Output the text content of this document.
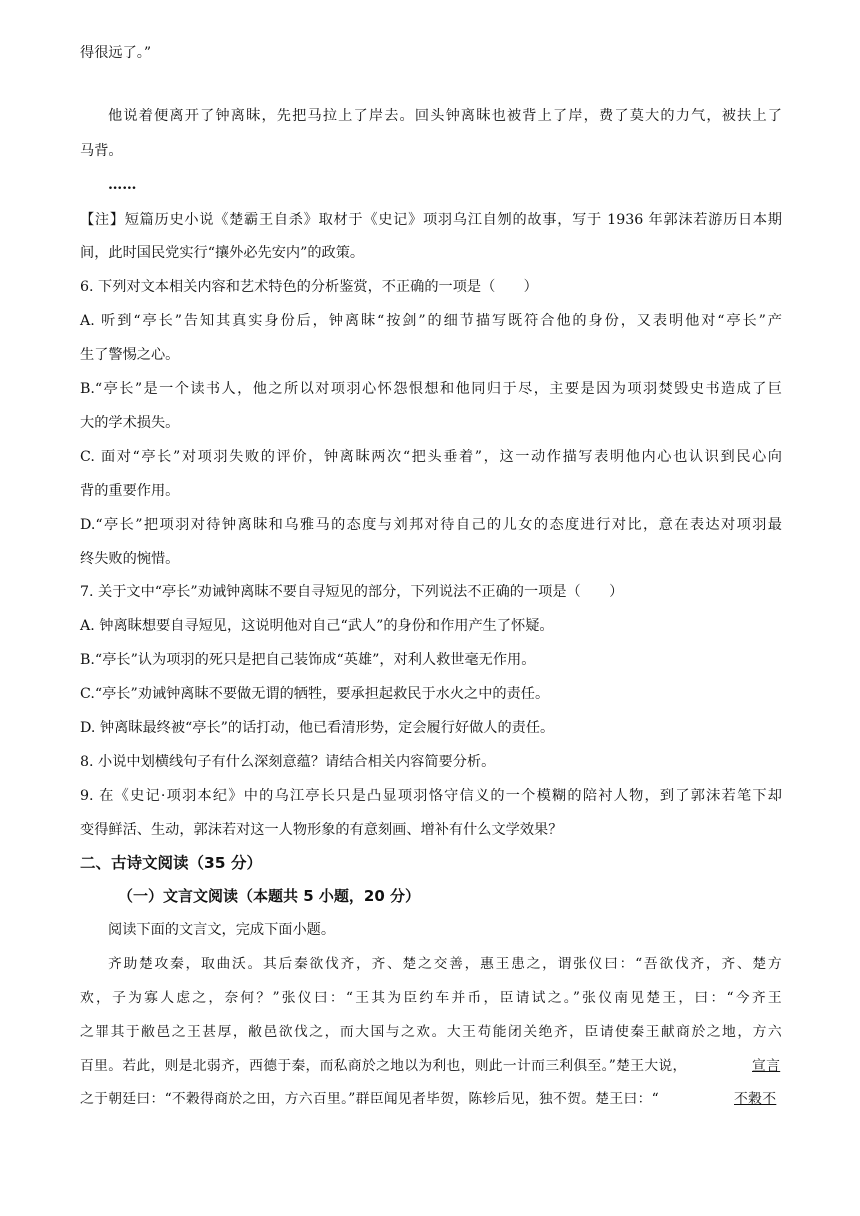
得很远了。”
他说着便离开了钟离眜，先把马拉上了岸去。回头钟离眜也被背上了岸，费了莫大的力气，被扶上了
马背。
……
【注】短篇历史小说《楚霸王自杀》取材于《史记》项羽乌江自刎的故事，写于 1936 年郭沫若游历日本期
间，此时国民党实行“攘外必先安内”的政策。
6. 下列对文本相关内容和艺术特色的分析鉴赏，不正确的一项是（　　）
A. 听到“亭长”告知其真实身份后，钟离眜“按剑”的细节描写既符合他的身份，又表明他对“亭长”产
生了警惕之心。
B.“亭长”是一个读书人，他之所以对项羽心怀怨恨想和他同归于尽，主要是因为项羽焚毁史书造成了巨
大的学术损失。
C. 面对“亭长”对项羽失败的评价，钟离眜两次“把头垂着”，这一动作描写表明他内心也认识到民心向
背的重要作用。
D.“亭长”把项羽对待钟离眜和乌雅马的态度与刘邦对待自己的儿女的态度进行对比，意在表达对项羽最
终失败的惋惜。
7. 关于文中“亭长”劝诫钟离眜不要自寻短见的部分，下列说法不正确的一项是（　　）
A. 钟离眜想要自寻短见，这说明他对自己“武人”的身份和作用产生了怀疑。
B.“亭长”认为项羽的死只是把自己装饰成“英雄”，对利人救世毫无作用。
C.“亭长”劝诫钟离眜不要做无谓的牺牲，要承担起救民于水火之中的责任。
D. 钟离眜最终被“亭长”的话打动，他已看清形势，定会履行好做人的责任。
8. 小说中划横线句子有什么深刻意蕴？请结合相关内容简要分析。
9. 在《史记·项羽本纪》中的乌江亭长只是凸显项羽恪守信义的一个模糊的陪衬人物，到了郭沫若笔下却
变得鲜活、生动，郭沫若对这一人物形象的有意刻画、增补有什么文学效果？
二、古诗文阅读（35 分）
（一）文言文阅读（本题共 5 小题，20 分）
阅读下面的文言文，完成下面小题。
齐助楚攻秦，取曲沃。其后秦欲伐齐，齐、楚之交善，惠王患之，谓张仪曰：“吾欲伐齐，齐、楚方
欢，子为寡人虑之，奈何？”张仪曰：“王其为臣约车并币，臣请试之。”张仪南见楚王，曰：“今齐王
之罪其于敝邑之王甚厚，敝邑欲伐之，而大国与之欢。大王苟能闭关绝齐，臣请使秦王献商於之地，方六
百里。若此，则是北弱齐，西德于秦，而私商於之地以为利也，则此一计而三利俱至。”楚王大说，	宣言
之于朝廷曰：“不穀得商於之田，方六百里。”群臣闻见者毕贺，陈轸后见，独不贺。楚王曰：“	不穀不
